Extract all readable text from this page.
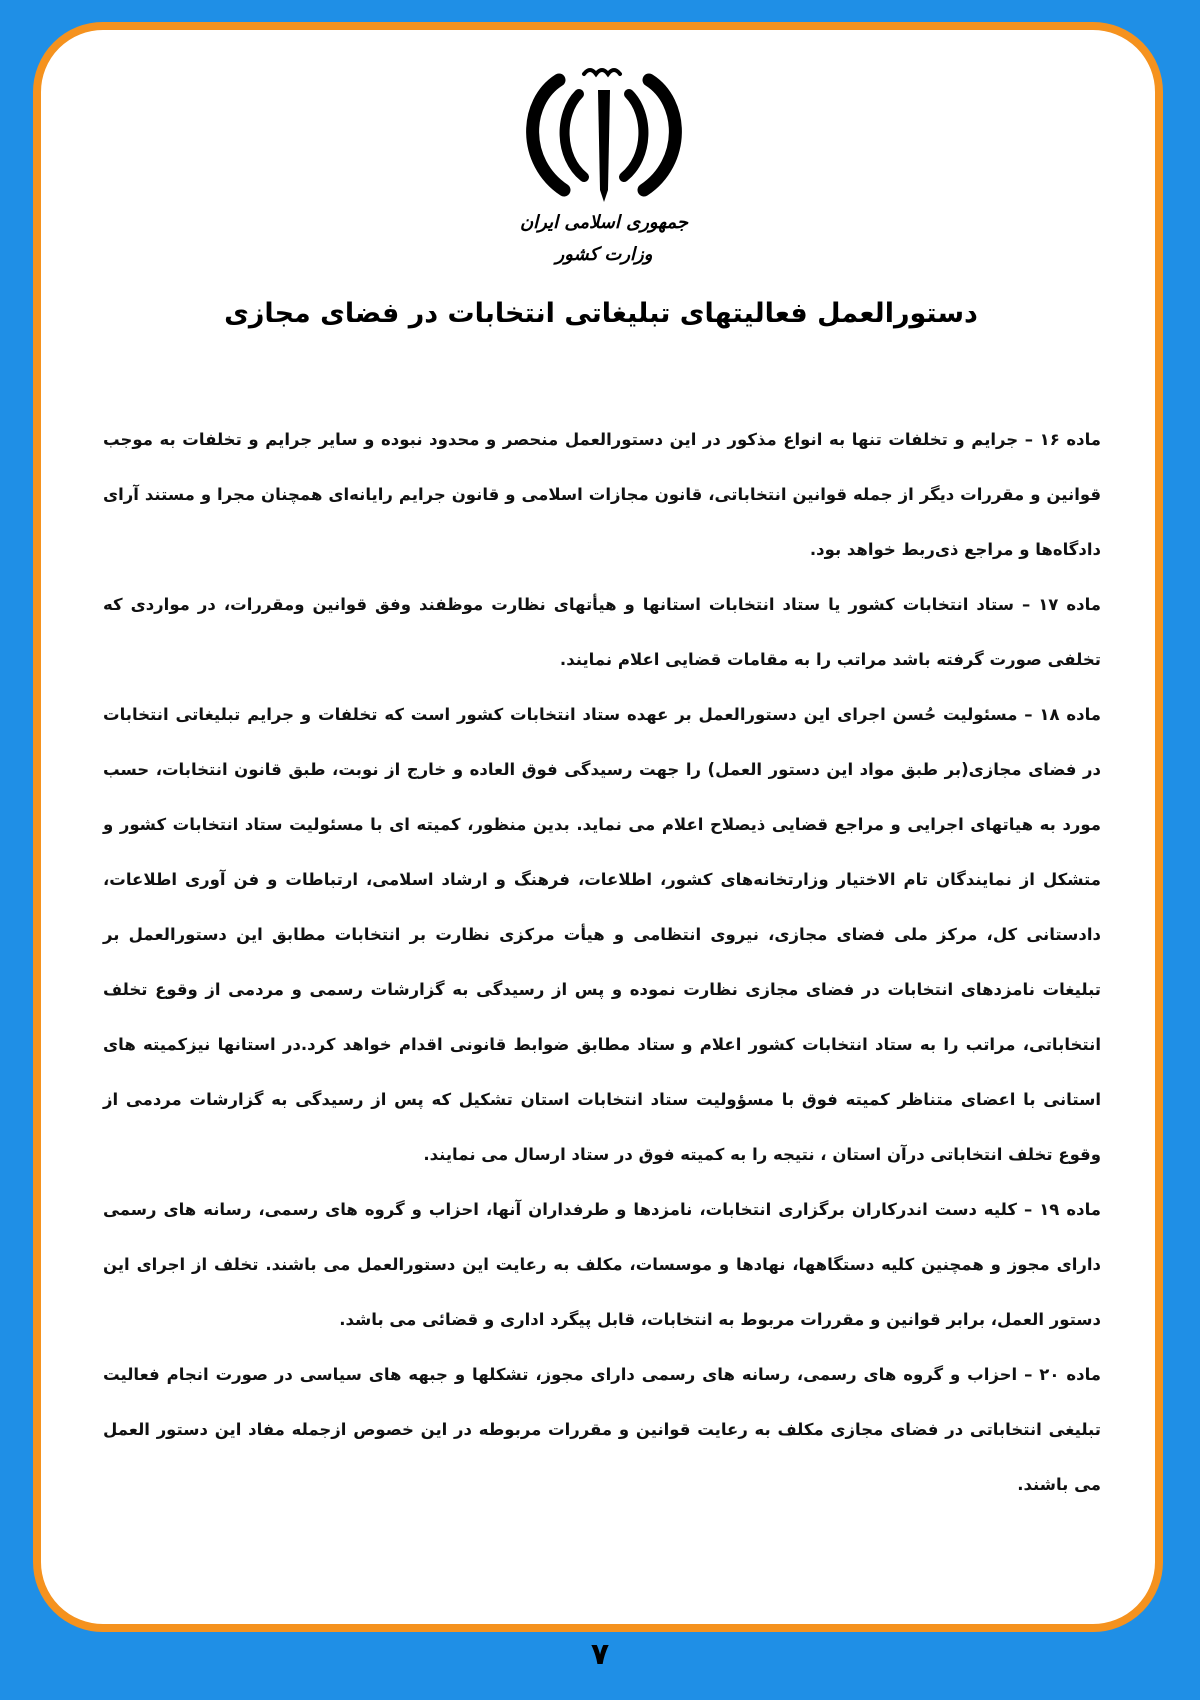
جمهوری اسلامی ایران
وزارت کشور
دستورالعمل فعالیتهای تبلیغاتی انتخابات در فضای مجازی

ماده ۱۶ – جرایم و تخلفات تنها به انواع مذکور در این دستورالعمل منحصر و محدود نبوده و سایر جرایم و تخلفات به موجب قوانین و مقررات دیگر از جمله قوانین انتخاباتی، قانون مجازات اسلامی و قانون جرایم رایانه‌ای همچنان مجرا و مستند آرای دادگاه‌ها و مراجع ذی‌ربط خواهد بود.

ماده ۱۷ – ستاد انتخابات کشور یا ستاد انتخابات استانها و هیأتهای نظارت موظفند وفق قوانین ومقررات، در مواردی که تخلفی صورت گرفته باشد مراتب را به مقامات قضایی اعلام نمایند.

ماده ۱۸ – مسئولیت حُسن اجرای این دستورالعمل بر عهده ستاد انتخابات کشور است که تخلفات و جرایم تبلیغاتی انتخابات در فضای مجازی(بر طبق مواد این دستور العمل) را جهت رسیدگی فوق العاده و خارج از نوبت، طبق قانون انتخابات، حسب مورد به هیاتهای اجرایی و مراجع قضایی ذیصلاح اعلام می نماید. بدین منظور، کمیته ای با مسئولیت ستاد انتخابات کشور و متشکل از نمایندگان تام الاختیار وزارتخانه‌های کشور، اطلاعات، فرهنگ و ارشاد اسلامی، ارتباطات و فن آوری اطلاعات، دادستانی کل، مرکز ملی فضای مجازی، نیروی انتظامی و هیأت مرکزی نظارت بر انتخابات مطابق این دستورالعمل بر تبلیغات نامزدهای انتخابات در فضای مجازی نظارت نموده و پس از رسیدگی به گزارشات رسمی و مردمی از وقوع تخلف انتخاباتی، مراتب را به ستاد انتخابات کشور اعلام و ستاد مطابق ضوابط قانونی اقدام خواهد کرد.در استانها نیزکمیته های استانی با اعضای متناظر کمیته فوق با مسؤولیت ستاد انتخابات استان تشکیل که پس از رسیدگی به گزارشات مردمی از وقوع تخلف انتخاباتی درآن استان ، نتیجه را به کمیته فوق در ستاد ارسال می نمایند.

ماده ۱۹ – کلیه دست اندرکاران برگزاری انتخابات، نامزدها و طرفداران آنها، احزاب و گروه های رسمی، رسانه های رسمی دارای مجوز و همچنین کلیه دستگاهها، نهادها و موسسات، مکلف به رعایت این دستورالعمل می باشند. تخلف از اجرای این دستور العمل، برابر قوانین و مقررات مربوط به انتخابات، قابل پیگرد اداری و قضائی می باشد.

ماده ۲۰ – احزاب و گروه های رسمی، رسانه های رسمی دارای مجوز، تشکلها و جبهه های سیاسی در صورت انجام فعالیت تبلیغی انتخاباتی در فضای مجازی مکلف به رعایت قوانین و مقررات مربوطه در این خصوص ازجمله مفاد این دستور العمل می باشند.

۷
